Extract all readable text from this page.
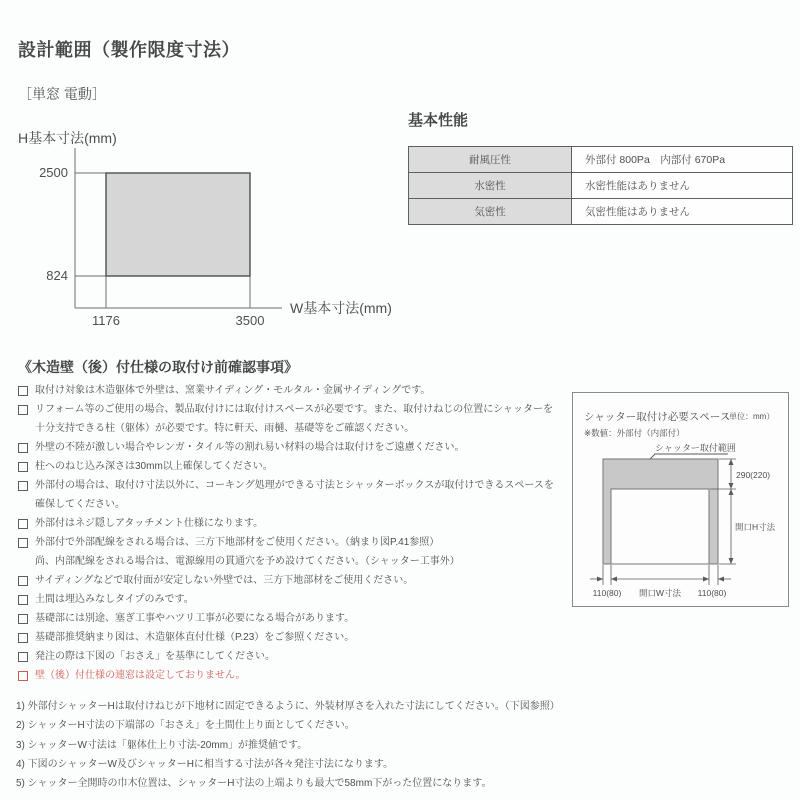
設計範囲（製作限度寸法）
［単窓 電動］
H基本寸法(mm)
2500
824
1176	3500
W基本寸法(mm)
基本性能
耐風圧性	外部付 800Pa　内部付 670Pa
水密性	水密性能はありません
気密性	気密性能はありません
《木造壁（後）付仕様の取付け前確認事項》
取付け対象は木造躯体で外壁は、窯業サイディング・モルタル・金属サイディングです。
リフォーム等のご使用の場合、製品取付けには取付けスペースが必要です。また、取付けねじの位置にシャッターを
十分支持できる柱（躯体）が必要です。特に軒天、雨樋、基礎等をご確認ください。
外壁の不陸が激しい場合やレンガ・タイル等の割れ易い材料の場合は取付けをご遠慮ください。
柱へのねじ込み深さは30mm以上確保してください。
外部付の場合は、取付け寸法以外に、コーキング処理ができる寸法とシャッターボックスが取付けできるスペースを
確保してください。
外部付はネジ隠しアタッチメント仕様になります。
外部付で外部配線をされる場合は、三方下地部材をご使用ください。（納まり図P.41参照）
尚、内部配線をされる場合は、電源線用の貫通穴を予め設けてください。（シャッター工事外）
サイディングなどで取付面が安定しない外壁では、三方下地部材をご使用ください。
土間は埋込みなしタイプのみです。
基礎部には別途、塞ぎ工事やハツリ工事が必要になる場合があります。
基礎部推奨納まり図は、木造躯体直付仕様（P.23）をご参照ください。
発注の際は下図の「おさえ」を基準にしてください。
壁（後）付仕様の連窓は設定しておりません。
シャッター取付け必要スペース
（単位：mm）
※数値：外部付（内部付）
シャッター取付範囲
290(220)
開口H寸法
110(80) 開口W寸法 110(80)
1) 外部付シャッターHは取付けねじが下地材に固定できるように、外装材厚さを入れた寸法にしてください。（下図参照）
2) シャッターH寸法の下端部の「おさえ」を土間仕上り面としてください。
3) シャッターW寸法は「躯体仕上り寸法-20mm」が推奨値です。
4) 下図のシャッターW及びシャッターHに相当する寸法が各々発注寸法になります。
5) シャッター全開時の巾木位置は、シャッターH寸法の上端よりも最大で58mm下がった位置になります。
